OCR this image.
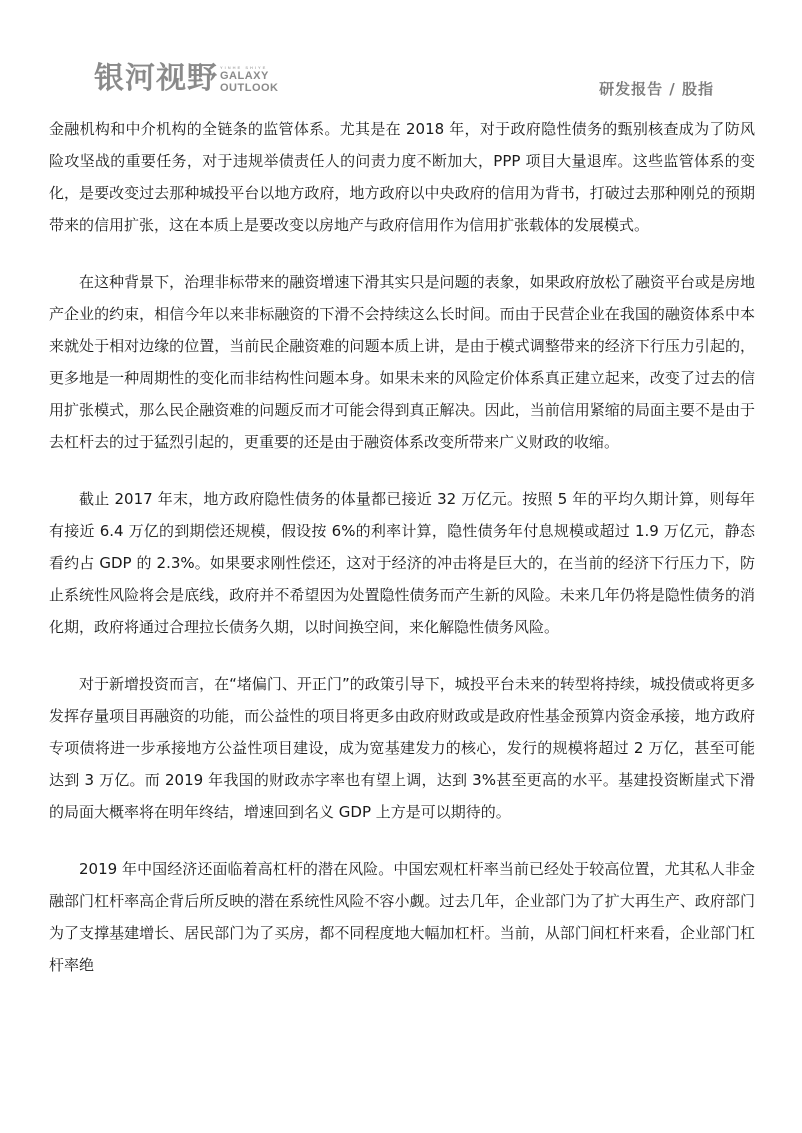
银河视野 YINHE SHIYE
GALAXY
OUTLOOK	研发报告 / 股指

金融机构和中介机构的全链条的监管体系。尤其是在 2018 年，对于政府隐性债务的甄别核查成为了防风险攻坚战的重要任务，对于违规举债责任人的问责力度不断加大，PPP 项目大量退库。这些监管体系的变化，是要改变过去那种城投平台以地方政府，地方政府以中央政府的信用为背书，打破过去那种刚兑的预期带来的信用扩张，这在本质上是要改变以房地产与政府信用作为信用扩张载体的发展模式。

在这种背景下，治理非标带来的融资增速下滑其实只是问题的表象，如果政府放松了融资平台或是房地产企业的约束，相信今年以来非标融资的下滑不会持续这么长时间。而由于民营企业在我国的融资体系中本来就处于相对边缘的位置，当前民企融资难的问题本质上讲，是由于模式调整带来的经济下行压力引起的，更多地是一种周期性的变化而非结构性问题本身。如果未来的风险定价体系真正建立起来，改变了过去的信用扩张模式，那么民企融资难的问题反而才可能会得到真正解决。因此，当前信用紧缩的局面主要不是由于去杠杆去的过于猛烈引起的，更重要的还是由于融资体系改变所带来广义财政的收缩。

截止 2017 年末，地方政府隐性债务的体量都已接近 32 万亿元。按照 5 年的平均久期计算，则每年有接近 6.4 万亿的到期偿还规模，假设按 6%的利率计算，隐性债务年付息规模或超过 1.9 万亿元，静态看约占 GDP 的 2.3%。如果要求刚性偿还，这对于经济的冲击将是巨大的，在当前的经济下行压力下，防止系统性风险将会是底线，政府并不希望因为处置隐性债务而产生新的风险。未来几年仍将是隐性债务的消化期，政府将通过合理拉长债务久期，以时间换空间，来化解隐性债务风险。

对于新增投资而言，在“堵偏门、开正门”的政策引导下，城投平台未来的转型将持续，城投债或将更多发挥存量项目再融资的功能，而公益性的项目将更多由政府财政或是政府性基金预算内资金承接，地方政府专项债将进一步承接地方公益性项目建设，成为宽基建发力的核心，发行的规模将超过 2 万亿，甚至可能达到 3 万亿。而 2019 年我国的财政赤字率也有望上调，达到 3%甚至更高的水平。基建投资断崖式下滑的局面大概率将在明年终结，增速回到名义 GDP 上方是可以期待的。

2019 年中国经济还面临着高杠杆的潜在风险。中国宏观杠杆率当前已经处于较高位置，尤其私人非金融部门杠杆率高企背后所反映的潜在系统性风险不容小觑。过去几年，企业部门为了扩大再生产、政府部门为了支撑基建增长、居民部门为了买房，都不同程度地大幅加杠杆。当前，从部门间杠杆来看，企业部门杠杆率绝
